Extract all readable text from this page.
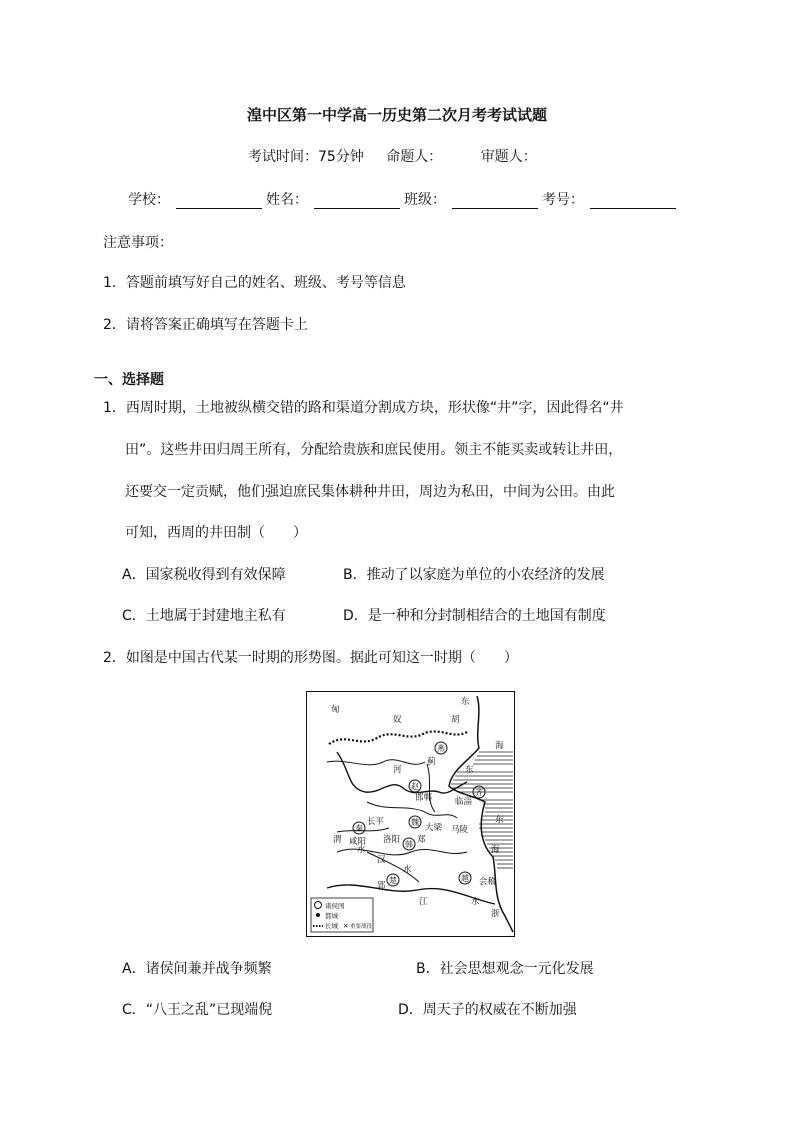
湟中区第一中学高一历史第二次月考考试试题
考试时间：75分钟 命题人：	审题人：
学校：	姓名：	班级：	考号：
注意事项：
1．答题前填写好自己的姓名、班级、考号等信息
2．请将答案正确填写在答题卡上
一、选择题
1．西周时期，土地被纵横交错的路和渠道分割成方块，形状像“井”字，因此得名“井
田”。这些井田归周王所有，分配给贵族和庶民使用。领主不能买卖或转让井田，
还要交一定贡赋，他们强迫庶民集体耕种井田，周边为私田，中间为公田。由此
可知，西周的井田制（　　）
A．国家税收得到有效保障	B．推动了以家庭为单位的小农经济的发展
C．土地属于封建地主私有	D．是一种和分封制相结合的土地国有制度
2．如图是中国古代某一时期的形势图。据此可知这一时期（　　）
匈
奴
东
胡
蓟
邯郸	临淄
长平
咸阳 洛阳 郑
大梁 马陵
郢	会稽
河
渭
水
汉
水
江	水
海
东
海
东
浙
燕
赵
齐
秦
韩
魏
楚	越
诸侯国
都城
长城 ✕ 重要战役
A．诸侯间兼并战争频繁	B．社会思想观念一元化发展
C．“八王之乱”已现端倪	D．周天子的权威在不断加强
